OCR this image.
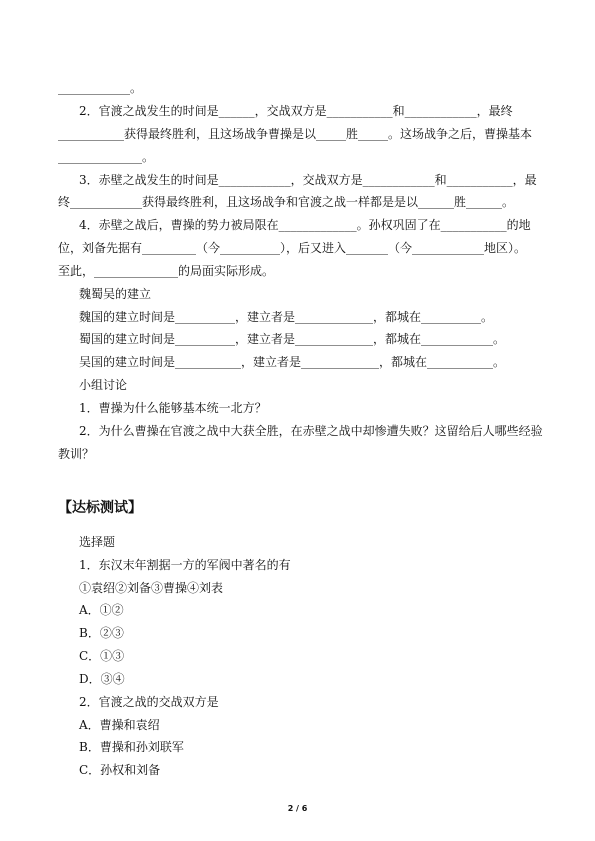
____________。
2．官渡之战发生的时间是______，交战双方是___________和____________，最终
___________获得最终胜利，且这场战争曹操是以_____胜_____。这场战争之后，曹操基本
______________。
3．赤壁之战发生的时间是____________，交战双方是____________和___________，最
终____________获得最终胜利，且这场战争和官渡之战一样都是是以______胜______。
4．赤壁之战后，曹操的势力被局限在_____________。孙权巩固了在___________的地
位，刘备先据有_________（今__________），后又进入_______（今____________地区）。
至此，______________的局面实际形成。
魏蜀吴的建立
魏国的建立时间是__________，建立者是_____________，都城在__________。
蜀国的建立时间是__________，建立者是_____________，都城在____________。
吴国的建立时间是___________，建立者是_____________，都城在___________。
小组讨论
1．曹操为什么能够基本统一北方？
2．为什么曹操在官渡之战中大获全胜，在赤壁之战中却惨遭失败？这留给后人哪些经验
教训？
【达标测试】
选择题
1．东汉末年割据一方的军阀中著名的有
①袁绍②刘备③曹操④刘表
A．①②
B．②③
C．①③
D．③④
2．官渡之战的交战双方是
A．曹操和袁绍
B．曹操和孙刘联军
C．孙权和刘备
2 / 6
